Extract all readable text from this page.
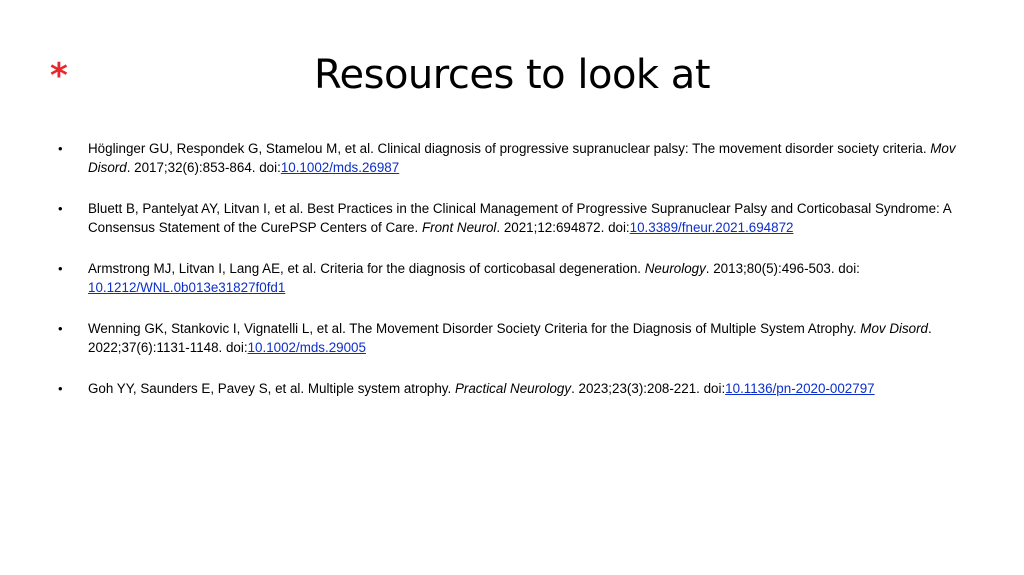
*	Resources to look at
• Höglinger GU, Respondek G, Stamelou M, et al. Clinical diagnosis of progressive supranuclear palsy: The movement disorder society criteria. Mov Disord. 2017;32(6):853-864. doi:10.1002/mds.26987
• Bluett B, Pantelyat AY, Litvan I, et al. Best Practices in the Clinical Management of Progressive Supranuclear Palsy and Corticobasal Syndrome: A Consensus Statement of the CurePSP Centers of Care. Front Neurol. 2021;12:694872. doi:10.3389/fneur.2021.694872
• Armstrong MJ, Litvan I, Lang AE, et al. Criteria for the diagnosis of corticobasal degeneration. Neurology. 2013;80(5):496-503. doi: 10.1212/WNL.0b013e31827f0fd1
• Wenning GK, Stankovic I, Vignatelli L, et al. The Movement Disorder Society Criteria for the Diagnosis of Multiple System Atrophy. Mov Disord. 2022;37(6):1131-1148. doi:10.1002/mds.29005
• Goh YY, Saunders E, Pavey S, et al. Multiple system atrophy. Practical Neurology. 2023;23(3):208-221. doi:10.1136/pn-2020-002797
